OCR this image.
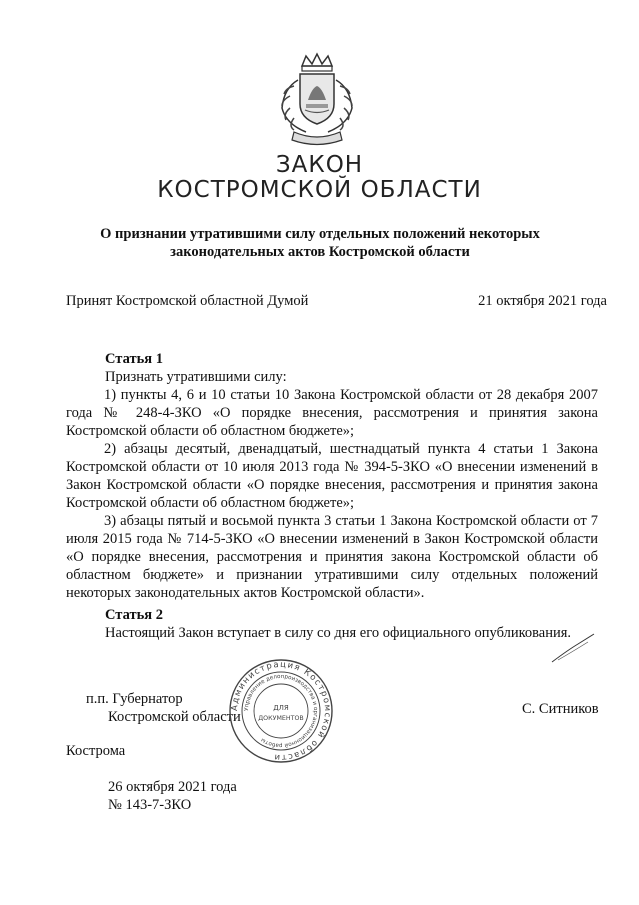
ЗАКОН
КОСТРОМСКОЙ ОБЛАСТИ
О признании утратившими силу отдельных положений некоторых
законодательных актов Костромской области
Принят Костромской областной Думой	21 октября 2021 года
Статья 1
Признать утратившими силу:
1) пункты 4, 6 и 10 статьи 10 Закона Костромской области от 28 декабря 2007 года № 248-4-ЗКО «О порядке внесения, рассмотрения и принятия закона Костромской области об областном бюджете»;
2) абзацы десятый, двенадцатый, шестнадцатый пункта 4 статьи 1 Закона Костромской области от 10 июля 2013 года № 394-5-ЗКО «О внесении изменений в Закон Костромской области «О порядке внесения, рассмотрения и принятия закона Костромской области об областном бюджете»;
3) абзацы пятый и восьмой пункта 3 статьи 1 Закона Костромской области от 7 июля 2015 года № 714-5-ЗКО «О внесении изменений в Закон Костромской области «О порядке внесения, рассмотрения и принятия закона Костромской области об областном бюджете» и признании утратившими силу отдельных положений некоторых законодательных актов Костромской области».
Статья 2
Настоящий Закон вступает в силу со дня его официального опубликования.
п.п. Губернатор
Костромской области	С. Ситников
Администрация Костромской области
Управление делопроизводства и организационной работы
ДЛЯ
ДОКУМЕНТОВ
Кострома
26 октября 2021 года
№ 143-7-ЗКО
